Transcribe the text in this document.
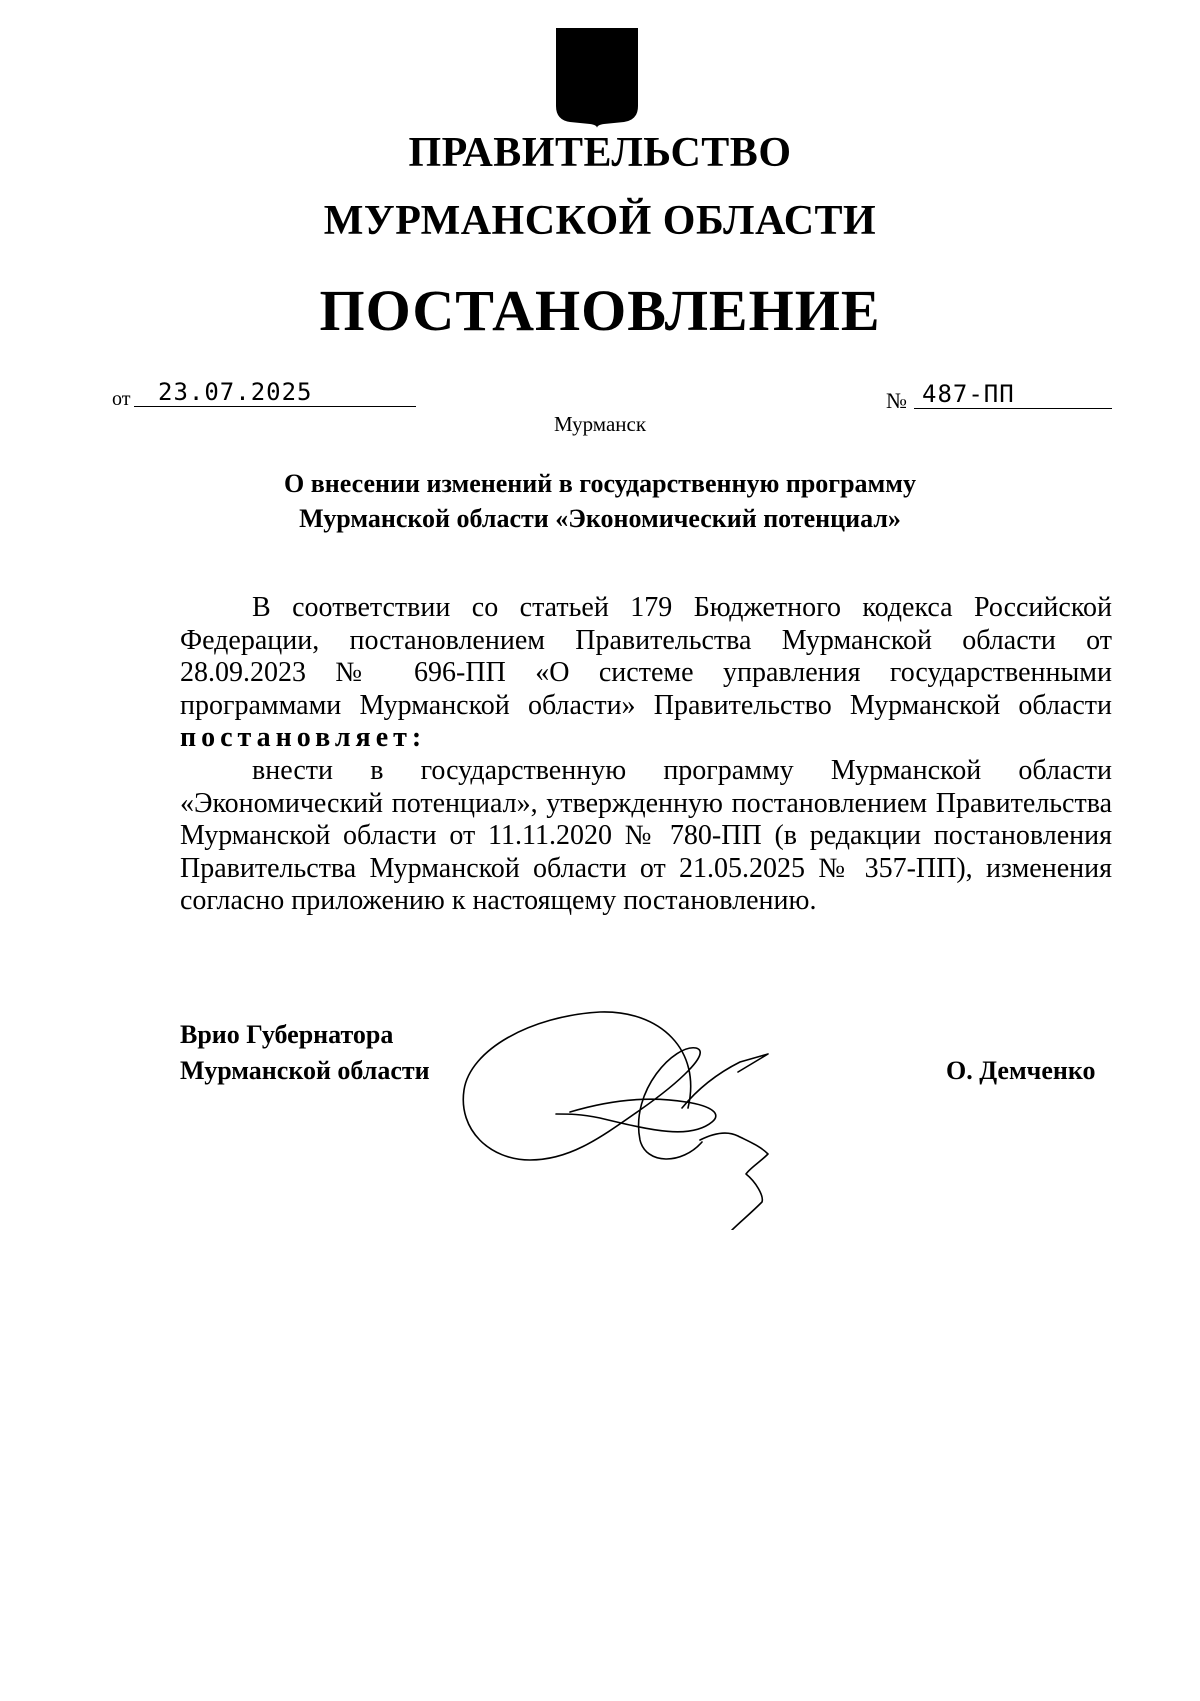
ПРАВИТЕЛЬСТВО
МУРМАНСКОЙ ОБЛАСТИ
ПОСТАНОВЛЕНИЕ
от	23.07.2025	№ 487-ПП
Мурманск
О внесении изменений в государственную программу
Мурманской области «Экономический потенциал»

В соответствии со статьей 179 Бюджетного кодекса Российской Федерации, постановлением Правительства Мурманской области от 28.09.2023 № 696-ПП «О системе управления государственными программами Мурманской области» Правительство Мурманской области постановляет:

внести в государственную программу Мурманской области «Экономический потенциал», утвержденную постановлением Правительства Мурманской области от 11.11.2020 № 780-ПП (в редакции постановления Правительства Мурманской области от 21.05.2025 № 357-ПП), изменения согласно приложению к настоящему постановлению.

Врио Губернатора
Мурманской области	О. Демченко
